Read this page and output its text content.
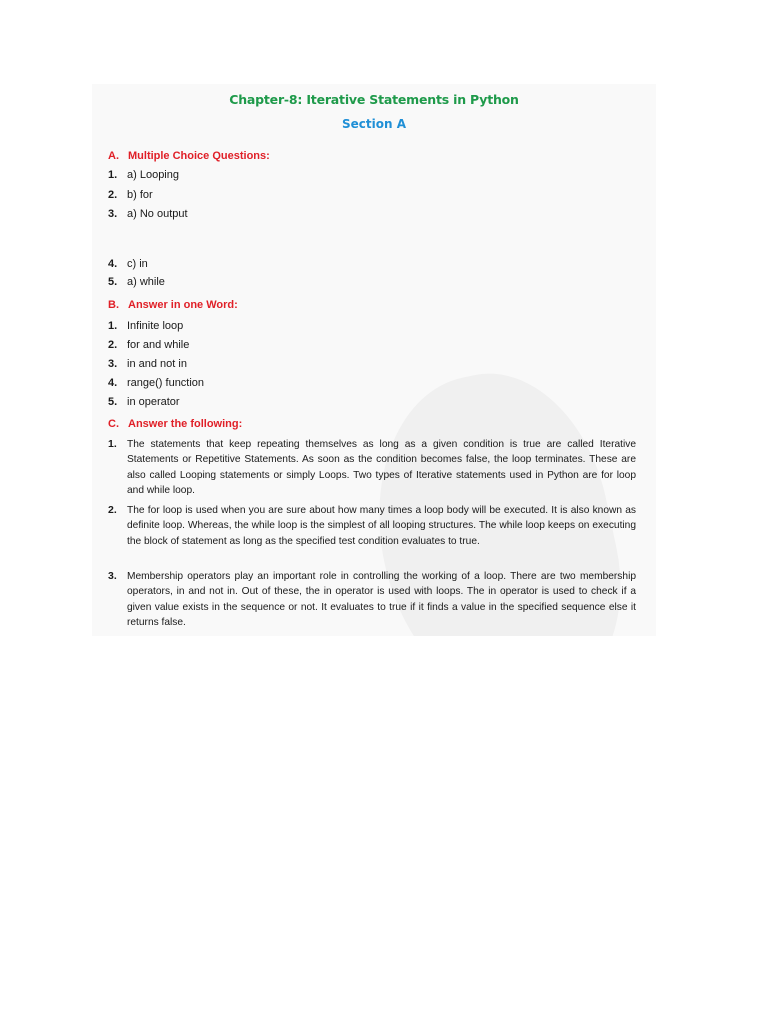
Chapter-8: Iterative Statements in Python
Section A
A. Multiple Choice Questions:
1. a) Looping
2. b) for
3. a) No output
4. c) in
5. a) while
B. Answer in one Word:
1. Infinite loop
2. for and while
3. in and not in
4. range() function
5. in operator
C. Answer the following:
1. The statements that keep repeating themselves as long as a given condition is true are called Iterative Statements or Repetitive Statements. As soon as the condition becomes false, the loop terminates. These are also called Looping statements or simply Loops. Two types of Iterative statements used in Python are for loop and while loop.
2. The for loop is used when you are sure about how many times a loop body will be executed. It is also known as definite loop. Whereas, the while loop is the simplest of all looping structures. The while loop keeps on executing the block of statement as long as the specified test condition evaluates to true.
3. Membership operators play an important role in controlling the working of a loop. There are two membership operators, in and not in. Out of these, the in operator is used with loops. The in operator is used to check if a given value exists in the sequence or not. It evaluates to true if it finds a value in the specified sequence else it returns false.
